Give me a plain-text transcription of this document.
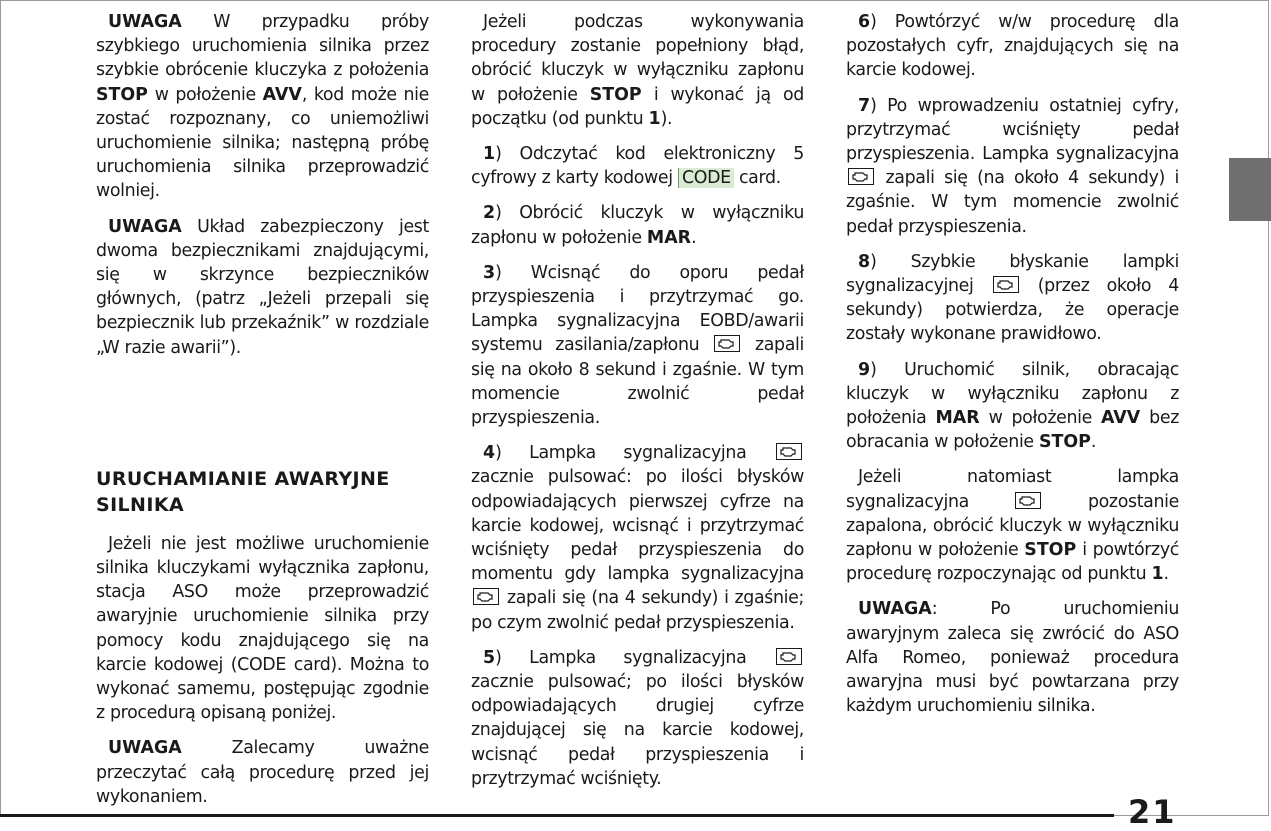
UWAGA W przypadku próby szybkiego uruchomienia silnika przez szybkie obrócenie kluczyka z położenia STOP w położenie AVV, kod może nie zostać rozpoznany, co uniemożliwi uruchomienie silnika; następną próbę uruchomienia silnika przeprowadzić wolniej.

UWAGA Układ zabezpieczony jest dwoma bezpiecznikami znajdującymi, się w skrzynce bezpieczników głównych, (patrz „Jeżeli przepali się bezpiecznik lub przekaźnik” w rozdziale „W razie awarii”).

URUCHAMIANIE AWARYJNE SILNIKA

Jeżeli nie jest możliwe uruchomienie silnika kluczykami wyłącznika zapłonu, stacja ASO może przeprowadzić awaryjnie uruchomienie silnika przy pomocy kodu znajdującego się na karcie kodowej (CODE card). Można to wykonać samemu, postępując zgodnie z procedurą opisaną poniżej.

UWAGA Zalecamy uważne przeczytać całą procedurę przed jej wykonaniem.

Jeżeli podczas wykonywania procedury zostanie popełniony błąd, obrócić kluczyk w wyłączniku zapłonu w położenie STOP i wykonać ją od początku (od punktu 1).

1) Odczytać kod elektroniczny 5 cyfrowy z karty kodowej CODE card.

2) Obrócić kluczyk w wyłączniku zapłonu w położenie MAR.

3) Wcisnąć do oporu pedał przyspieszenia i przytrzymać go. Lampka sygnalizacyjna EOBD/awarii systemu zasilania/zapłonu
zapali się na około 8 sekund i zgaśnie. W tym momencie zwolnić pedał przyspieszenia.

4) Lampka sygnalizacyjna
zacznie pulsować: po ilości błysków odpowiadających pierwszej cyfrze na karcie kodowej, wcisnąć i przytrzymać wciśnięty pedał przyspieszenia do momentu gdy lampka sygnalizacyjna
zapali się (na 4 sekundy) i zgaśnie; po czym zwolnić pedał przyspieszenia.

5) Lampka sygnalizacyjna
zacznie pulsować; po ilości błysków odpowiadających drugiej cyfrze znajdującej się na karcie kodowej, wcisnąć pedał przyspieszenia i przytrzymać wciśnięty.

6) Powtórzyć w/w procedurę dla pozostałych cyfr, znajdujących się na karcie kodowej.

7) Po wprowadzeniu ostatniej cyfry, przytrzymać wciśnięty pedał przyspieszenia. Lampka sygnalizacyjna
zapali się (na około 4 sekundy) i zgaśnie. W tym momencie zwolnić pedał przyspieszenia.

8) Szybkie błyskanie lampki sygnalizacyjnej
(przez około 4 sekundy) potwierdza, że operacje zostały wykonane prawidłowo.

9) Uruchomić silnik, obracając kluczyk w wyłączniku zapłonu z położenia MAR w położenie AVV bez obracania w położenie STOP.

Jeżeli natomiast lampka sygnalizacyjna
pozostanie zapalona, obrócić kluczyk w wyłączniku zapłonu w położenie STOP i powtórzyć procedurę rozpoczynając od punktu 1.

UWAGA: Po uruchomieniu awaryjnym zaleca się zwrócić do ASO Alfa Romeo, ponieważ procedura awaryjna musi być powtarzana przy każdym uruchomieniu silnika.

21
